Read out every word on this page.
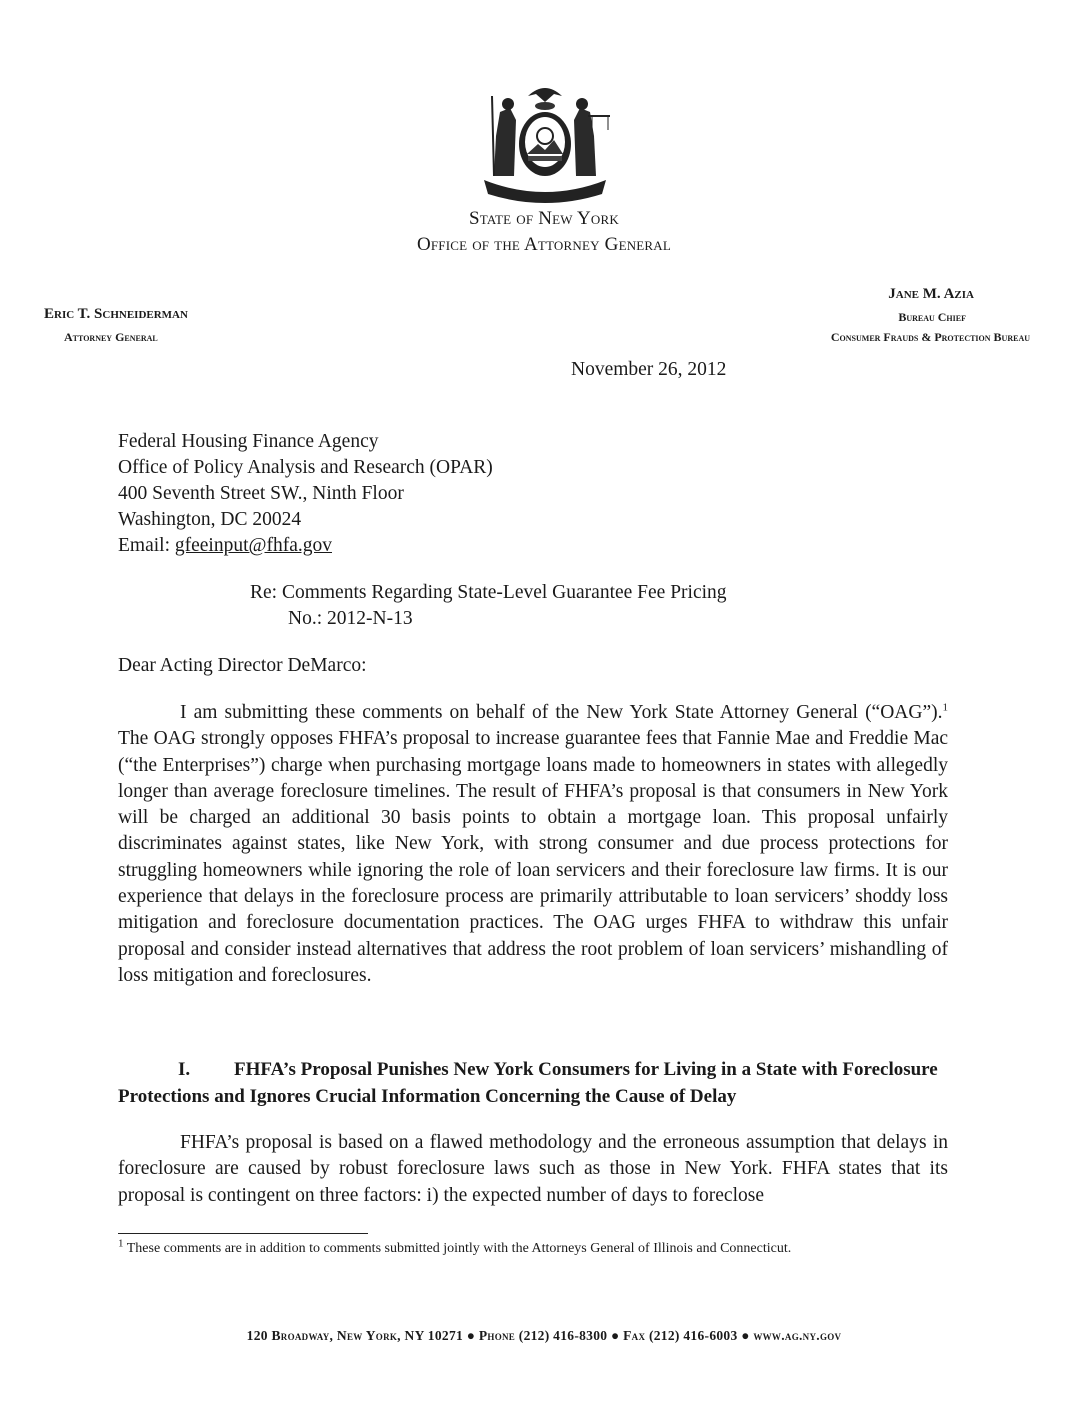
State of New York
Office of the Attorney General
Eric T. Schneiderman
Attorney General
Jane M. Azia
Bureau Chief
Consumer Frauds & Protection Bureau
November 26, 2012
Federal Housing Finance Agency
Office of Policy Analysis and Research (OPAR)
400 Seventh Street SW., Ninth Floor
Washington, DC 20024
Email: gfeeinput@fhfa.gov
Re: Comments Regarding State-Level Guarantee Fee Pricing
No.: 2012-N-13
Dear Acting Director DeMarco:
I am submitting these comments on behalf of the New York State Attorney General (“OAG”).$^1$ The OAG strongly opposes FHFA’s proposal to increase guarantee fees that Fannie Mae and Freddie Mac (“the Enterprises”) charge when purchasing mortgage loans made to homeowners in states with allegedly longer than average foreclosure timelines. The result of FHFA’s proposal is that consumers in New York will be charged an additional 30 basis points to obtain a mortgage loan. This proposal unfairly discriminates against states, like New York, with strong consumer and due process protections for struggling homeowners while ignoring the role of loan servicers and their foreclosure law firms. It is our experience that delays in the foreclosure process are primarily attributable to loan servicers’ shoddy loss mitigation and foreclosure documentation practices. The OAG urges FHFA to withdraw this unfair proposal and consider instead alternatives that address the root problem of loan servicers’ mishandling of loss mitigation and foreclosures.
I. FHFA’s Proposal Punishes New York Consumers for Living in a State with Foreclosure Protections and Ignores Crucial Information Concerning the Cause of Delay
FHFA’s proposal is based on a flawed methodology and the erroneous assumption that delays in foreclosure are caused by robust foreclosure laws such as those in New York. FHFA states that its proposal is contingent on three factors: i) the expected number of days to foreclose
$^1$ These comments are in addition to comments submitted jointly with the Attorneys General of Illinois and Connecticut.
120 Broadway, New York, NY 10271 ● Phone (212) 416-8300 ● Fax (212) 416-6003 ● www.ag.ny.gov
